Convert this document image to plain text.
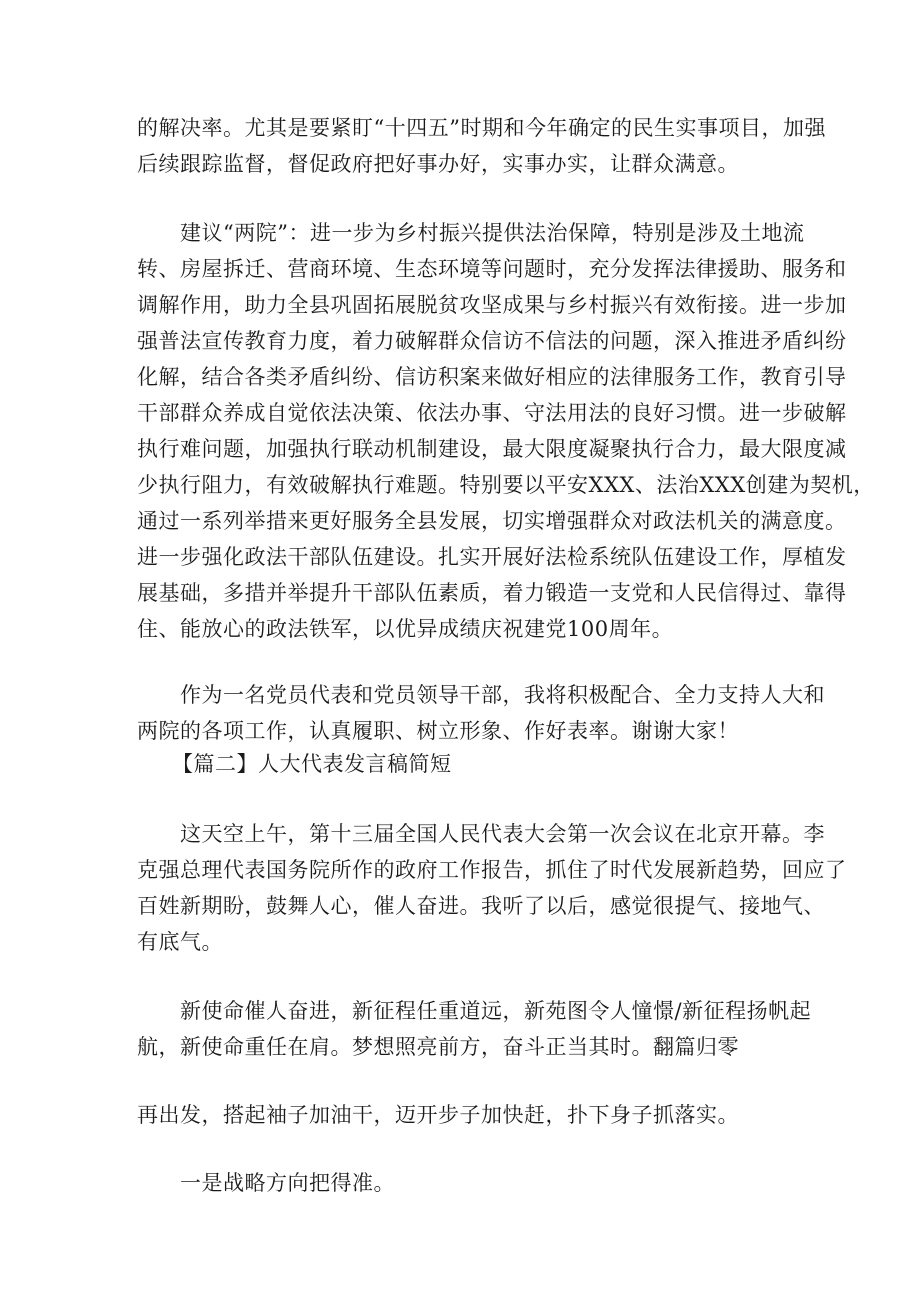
的解决率。尤其是要紧盯“十四五”时期和今年确定的民生实事项目，加强
后续跟踪监督，督促政府把好事办好，实事办实，让群众满意。
建议“两院”：进一步为乡村振兴提供法治保障，特别是涉及土地流
转、房屋拆迁、营商环境、生态环境等问题时，充分发挥法律援助、服务和
调解作用，助力全县巩固拓展脱贫攻坚成果与乡村振兴有效衔接。进一步加
强普法宣传教育力度，着力破解群众信访不信法的问题，深入推进矛盾纠纷
化解，结合各类矛盾纠纷、信访积案来做好相应的法律服务工作，教育引导
干部群众养成自觉依法决策、依法办事、守法用法的良好习惯。进一步破解
执行难问题，加强执行联动机制建设，最大限度凝聚执行合力，最大限度减
少执行阻力，有效破解执行难题。特别要以平安XXX、法治XXX创建为契机，
通过一系列举措来更好服务全县发展，切实增强群众对政法机关的满意度。
进一步强化政法干部队伍建设。扎实开展好法检系统队伍建设工作，厚植发
展基础，多措并举提升干部队伍素质，着力锻造一支党和人民信得过、靠得
住、能放心的政法铁军，以优异成绩庆祝建党100周年。
作为一名党员代表和党员领导干部，我将积极配合、全力支持人大和
两院的各项工作，认真履职、树立形象、作好表率。谢谢大家！
【篇二】人大代表发言稿简短
这天空上午，第十三届全国人民代表大会第一次会议在北京开幕。李
克强总理代表国务院所作的政府工作报告，抓住了时代发展新趋势，回应了
百姓新期盼，鼓舞人心，催人奋进。我听了以后，感觉很提气、接地气、
有底气。
新使命催人奋进，新征程任重道远，新苑图令人憧憬/新征程扬帆起
航，新使命重任在肩。梦想照亮前方，奋斗正当其时。翻篇归零
再出发，搭起袖子加油干，迈开步子加快赶，扑下身子抓落实。
一是战略方向把得准。
